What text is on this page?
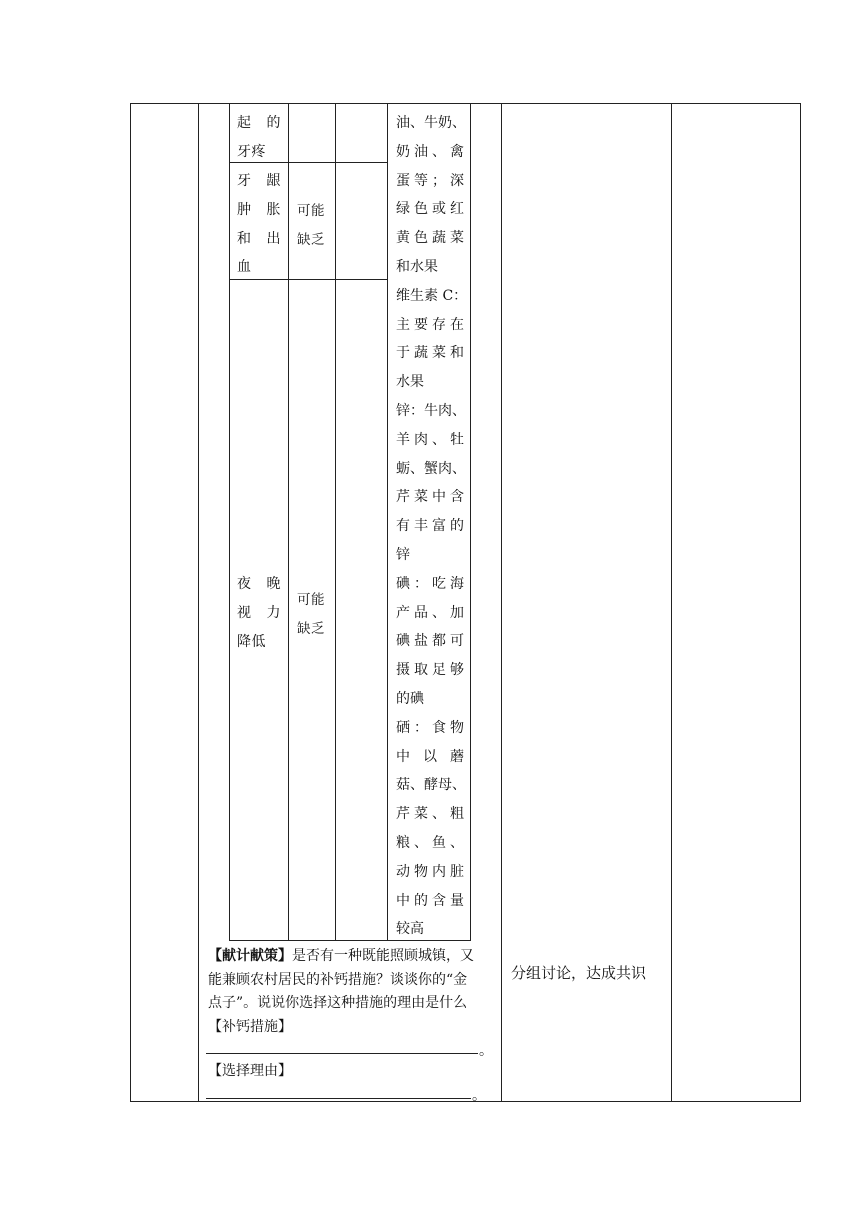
起 的
牙疼
牙 龈
肿 胀
和 出
血
可能
缺乏
夜 晚
视 力
降低
可能
缺乏
油、牛奶、
奶油、禽
蛋等；深
绿色或红
黄色蔬菜
和水果
维生素 C：
主要存在
于蔬菜和
水果
锌：牛肉、
羊肉、牡
蛎、蟹肉、
芹菜中含
有丰富的
锌
碘：吃海
产品、加
碘盐都可
摄取足够
的碘
硒：食物
中 以 蘑
菇、酵母、
芹菜、粗
粮、鱼、
动物内脏
中的含量
较高
【献计献策】是否有一种既能照顾城镇，又
能兼顾农村居民的补钙措施？谈谈你的“金
点子”。说说你选择这种措施的理由是什么
【补钙措施】
。
【选择理由】
。
分组讨论，达成共识
